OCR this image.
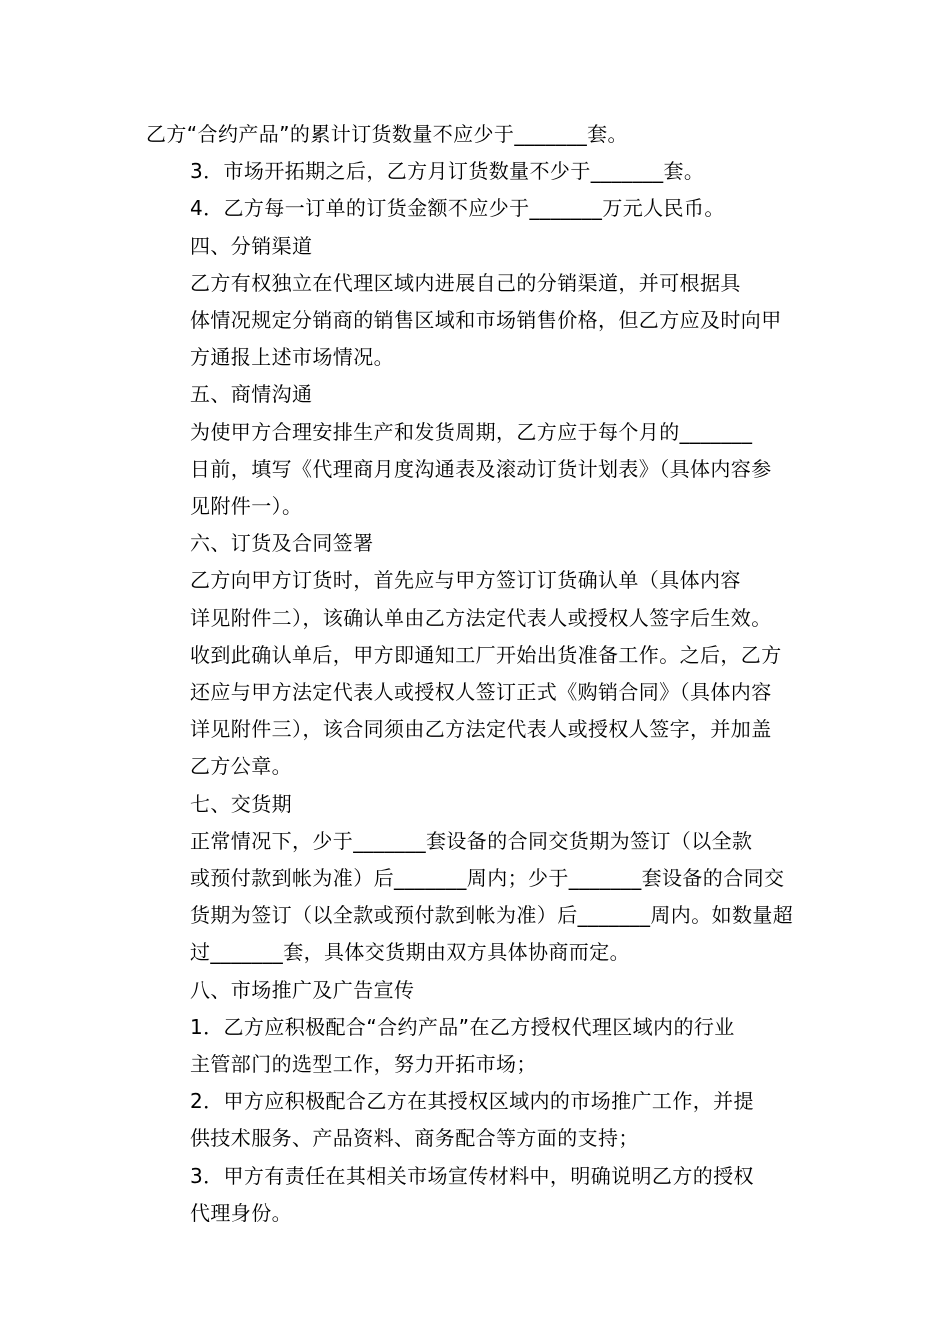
乙方“合约产品”的累计订货数量不应少于_______套。

3．市场开拓期之后，乙方月订货数量不少于_______套。

4．乙方每一订单的订货金额不应少于_______万元人民币。

四、分销渠道

乙方有权独立在代理区域内进展自己的分销渠道，并可根据具
体情况规定分销商的销售区域和市场销售价格，但乙方应及时向甲
方通报上述市场情况。

五、商情沟通

为使甲方合理安排生产和发货周期，乙方应于每个月的_______
日前，填写《代理商月度沟通表及滚动订货计划表》（具体内容参
见附件一）。

六、订货及合同签署

乙方向甲方订货时，首先应与甲方签订订货确认单（具体内容
详见附件二），该确认单由乙方法定代表人或授权人签字后生效。
收到此确认单后，甲方即通知工厂开始出货准备工作。之后，乙方
还应与甲方法定代表人或授权人签订正式《购销合同》（具体内容
详见附件三），该合同须由乙方法定代表人或授权人签字，并加盖
乙方公章。

七、交货期

正常情况下，少于_______套设备的合同交货期为签订（以全款
或预付款到帐为准）后_______周内；少于_______套设备的合同交
货期为签订（以全款或预付款到帐为准）后_______周内。如数量超
过_______套，具体交货期由双方具体协商而定。

八、市场推广及广告宣传

1．乙方应积极配合“合约产品”在乙方授权代理区域内的行业
主管部门的选型工作，努力开拓市场；

2．甲方应积极配合乙方在其授权区域内的市场推广工作，并提
供技术服务、产品资料、商务配合等方面的支持；

3．甲方有责任在其相关市场宣传材料中，明确说明乙方的授权
代理身份。
